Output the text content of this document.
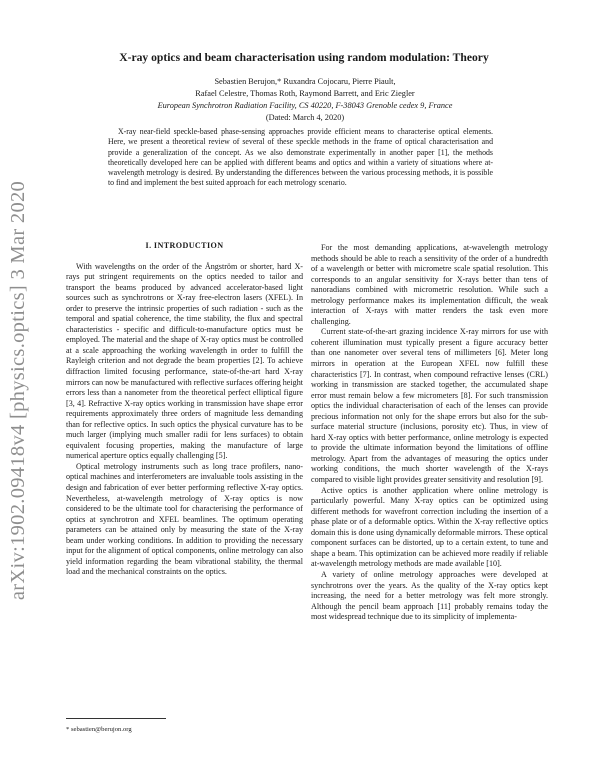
arXiv:1902.09418v4 [physics.optics] 3 Mar 2020
X-ray optics and beam characterisation using random modulation: Theory
Sebastien Berujon,* Ruxandra Cojocaru, Pierre Piault,
Rafael Celestre, Thomas Roth, Raymond Barrett, and Eric Ziegler
European Synchrotron Radiation Facility, CS 40220, F-38043 Grenoble cedex 9, France
(Dated: March 4, 2020)
X-ray near-field speckle-based phase-sensing approaches provide efficient means to characterise optical elements. Here, we present a theoretical review of several of these speckle methods in the frame of optical characterisation and provide a generalization of the concept. As we also demonstrate experimentally in another paper [1], the methods theoretically developed here can be applied with different beams and optics and within a variety of situations where at-wavelength metrology is desired. By understanding the differences between the various processing methods, it is possible to find and implement the best suited approach for each metrology scenario.
I. INTRODUCTION

With wavelengths on the order of the Ångström or shorter, hard X-rays put stringent requirements on the optics needed to tailor and transport the beams produced by advanced accelerator-based light sources such as synchrotrons or X-ray free-electron lasers (XFEL). In order to preserve the intrinsic properties of such radiation - such as the temporal and spatial coherence, the time stability, the flux and spectral characteristics - specific and difficult-to-manufacture optics must be employed. The material and the shape of X-ray optics must be controlled at a scale approaching the working wavelength in order to fulfill the Rayleigh criterion and not degrade the beam properties [2]. To achieve diffraction limited focusing performance, state-of-the-art hard X-ray mirrors can now be manufactured with reflective surfaces offering height errors less than a nanometer from the theoretical perfect elliptical figure [3, 4]. Refractive X-ray optics working in transmission have shape error requirements approximately three orders of magnitude less demanding than for reflective optics. In such optics the physical curvature has to be much larger (implying much smaller radii for lens surfaces) to obtain equivalent focusing properties, making the manufacture of large numerical aperture optics equally challenging [5].

Optical metrology instruments such as long trace profilers, nano-optical machines and interferometers are invaluable tools assisting in the design and fabrication of ever better performing reflective X-ray optics. Nevertheless, at-wavelength metrology of X-ray optics is now considered to be the ultimate tool for characterising the performance of optics at synchrotron and XFEL beamlines. The optimum operating parameters can be attained only by measuring the state of the X-ray beam under working conditions. In addition to providing the necessary input for the alignment of optical components, online metrology can also yield information regarding the beam vibrational stability, the thermal load and the mechanical constraints on the optics.

For the most demanding applications, at-wavelength metrology methods should be able to reach a sensitivity of the order of a hundredth of a wavelength or better with micrometre scale spatial resolution. This corresponds to an angular sensitivity for X-rays better than tens of nanoradians combined with micrometric resolution. While such a metrology performance makes its implementation difficult, the weak interaction of X-rays with matter renders the task even more challenging.

Current state-of-the-art grazing incidence X-ray mirrors for use with coherent illumination must typically present a figure accuracy better than one nanometer over several tens of millimeters [6]. Meter long mirrors in operation at the European XFEL now fulfill these characteristics [7]. In contrast, when compound refractive lenses (CRL) working in transmission are stacked together, the accumulated shape error must remain below a few micrometers [8]. For such transmission optics the individual characterisation of each of the lenses can provide precious information not only for the shape errors but also for the sub-surface material structure (inclusions, porosity etc). Thus, in view of hard X-ray optics with better performance, online metrology is expected to provide the ultimate information beyond the limitations of offline metrology. Apart from the advantages of measuring the optics under working conditions, the much shorter wavelength of the X-rays compared to visible light provides greater sensitivity and resolution [9].

Active optics is another application where online metrology is particularly powerful. Many X-ray optics can be optimized using different methods for wavefront correction including the insertion of a phase plate or of a deformable optics. Within the X-ray reflective optics domain this is done using dynamically deformable mirrors. These optical component surfaces can be distorted, up to a certain extent, to tune and shape a beam. This optimization can be achieved more readily if reliable at-wavelength metrology methods are made available [10].

A variety of online metrology approaches were developed at synchrotrons over the years. As the quality of the X-ray optics kept increasing, the need for a better metrology was felt more strongly. Although the pencil beam approach [11] probably remains today the most widespread technique due to its simplicity of implementa-

* sebastien@berujon.org
